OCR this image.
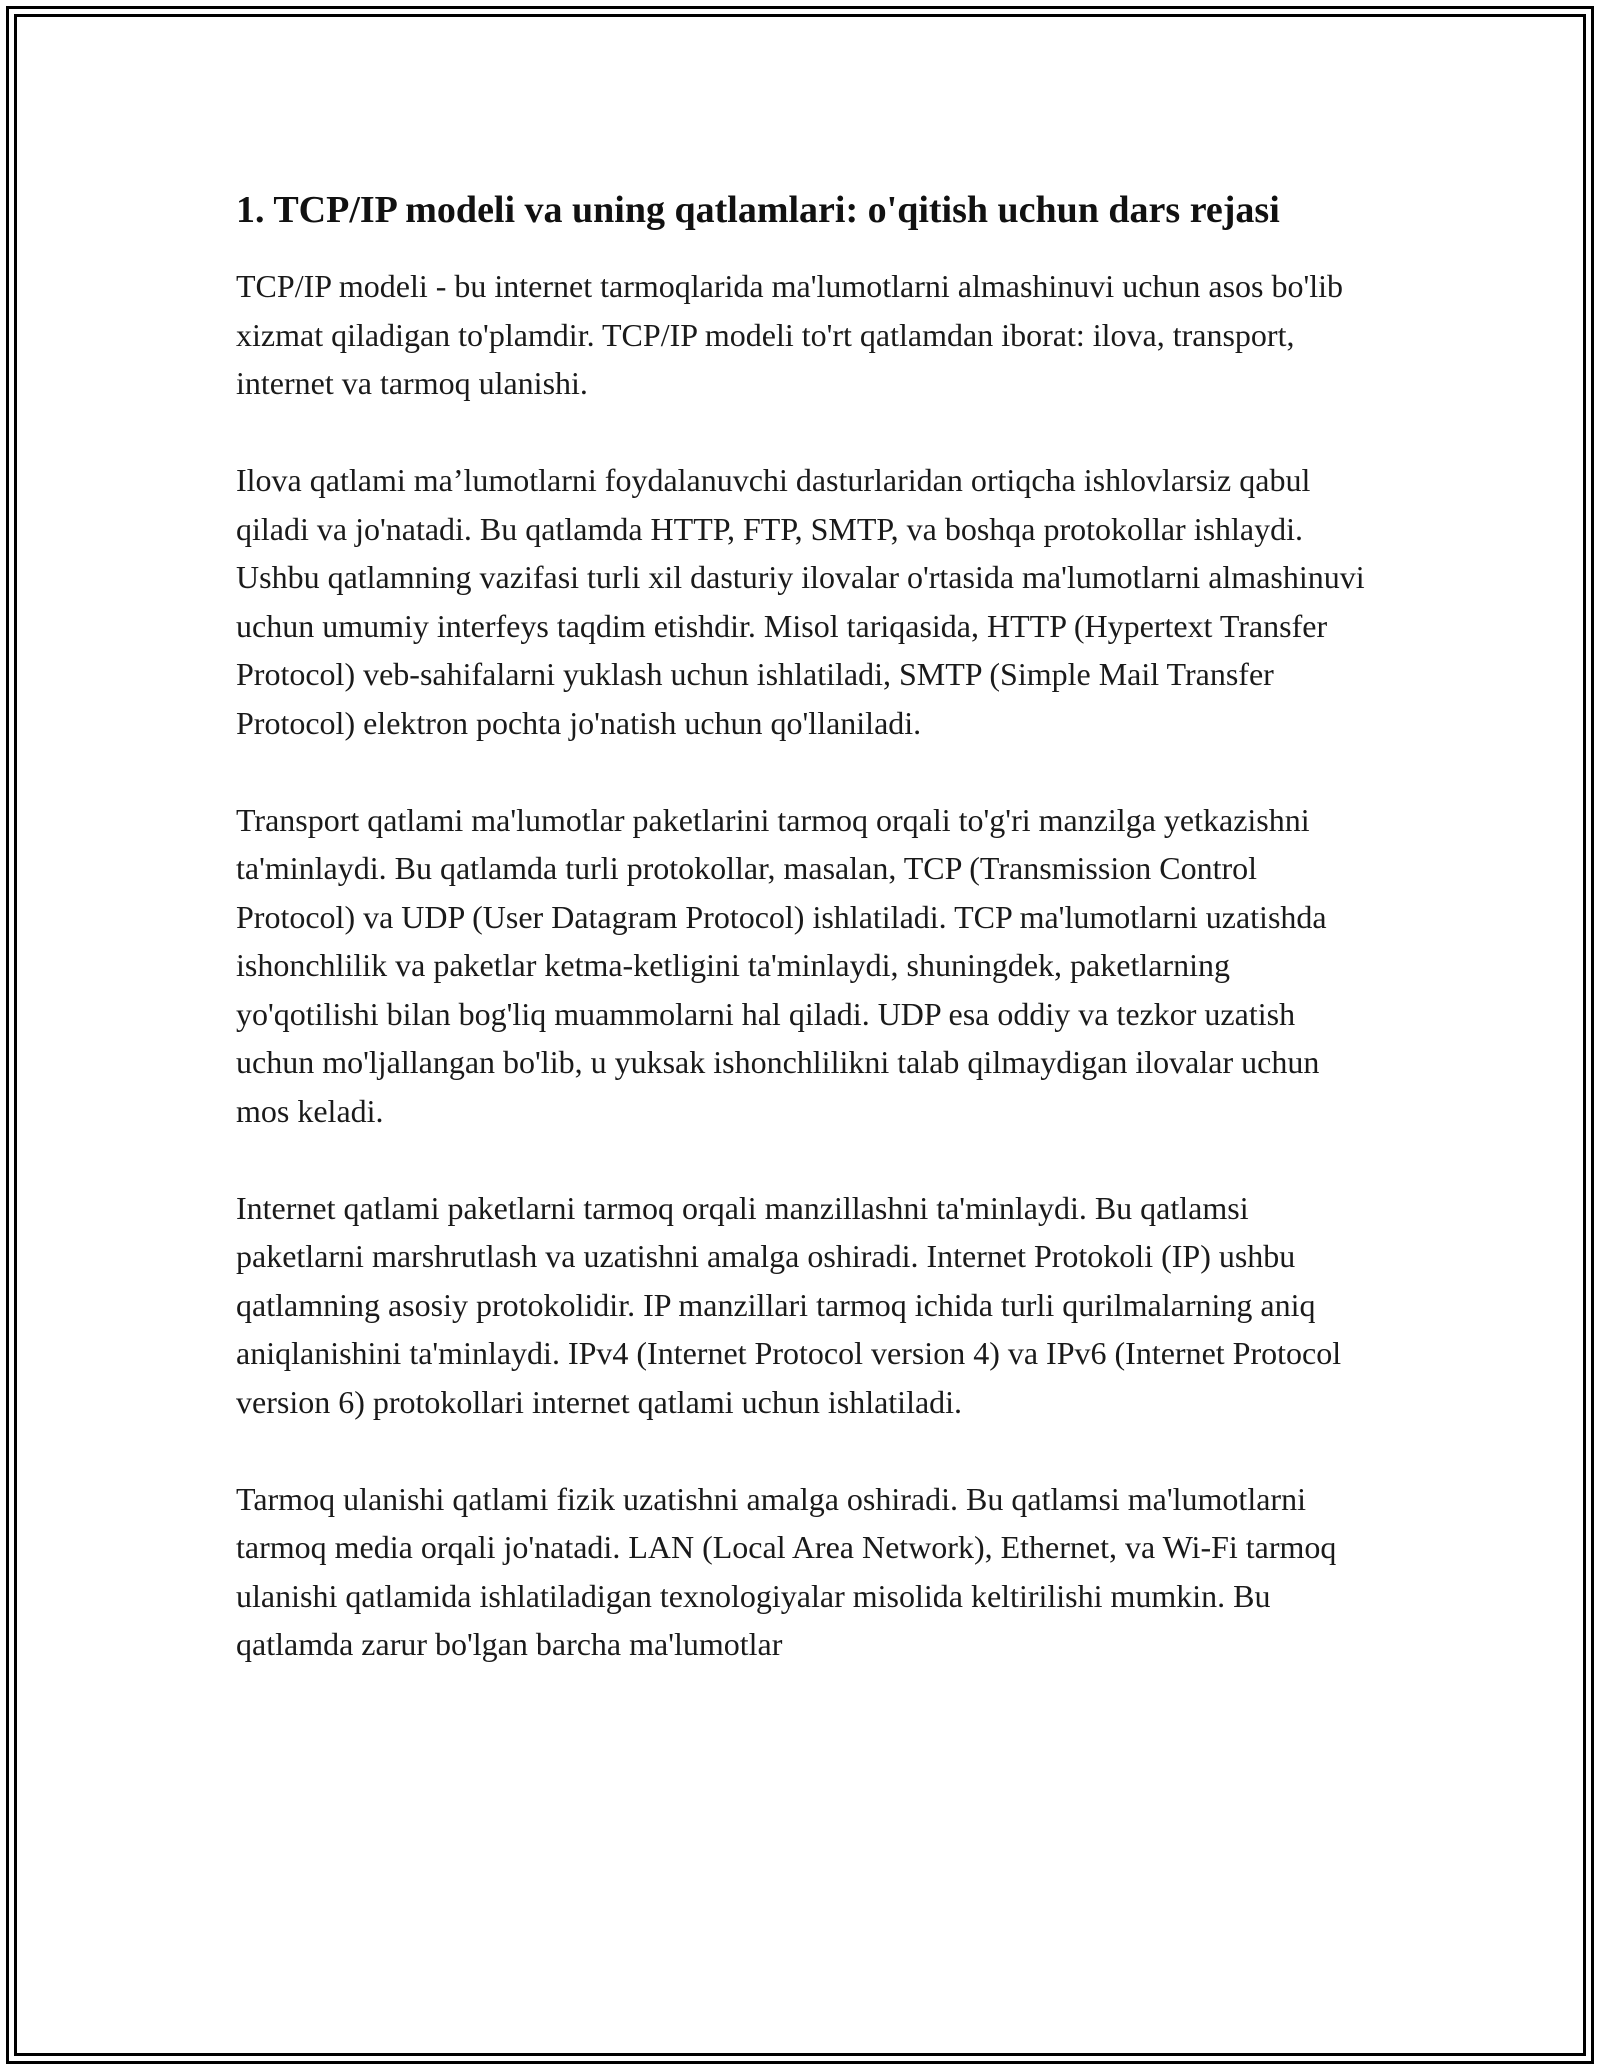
1. TCP/IP modeli va uning qatlamlari: o'qitish uchun dars rejasi

TCP/IP modeli - bu internet tarmoqlarida ma'lumotlarni almashinuvi uchun asos bo'lib xizmat qiladigan to'plamdir. TCP/IP modeli to'rt qatlamdan iborat: ilova, transport, internet va tarmoq ulanishi.

Ilova qatlami ma’lumotlarni foydalanuvchi dasturlaridan ortiqcha ishlovlarsiz qabul qiladi va jo'natadi. Bu qatlamda HTTP, FTP, SMTP, va boshqa protokollar ishlaydi. Ushbu qatlamning vazifasi turli xil dasturiy ilovalar o'rtasida ma'lumotlarni almashinuvi uchun umumiy interfeys taqdim etishdir. Misol tariqasida, HTTP (Hypertext Transfer Protocol) veb-sahifalarni yuklash uchun ishlatiladi, SMTP (Simple Mail Transfer Protocol) elektron pochta jo'natish uchun qo'llaniladi.

Transport qatlami ma'lumotlar paketlarini tarmoq orqali to'g'ri manzilga yetkazishni ta'minlaydi. Bu qatlamda turli protokollar, masalan, TCP (Transmission Control Protocol) va UDP (User Datagram Protocol) ishlatiladi. TCP ma'lumotlarni uzatishda ishonchlilik va paketlar ketma-ketligini ta'minlaydi, shuningdek, paketlarning yo'qotilishi bilan bog'liq muammolarni hal qiladi. UDP esa oddiy va tezkor uzatish uchun mo'ljallangan bo'lib, u yuksak ishonchlilikni talab qilmaydigan ilovalar uchun mos keladi.

Internet qatlami paketlarni tarmoq orqali manzillashni ta'minlaydi. Bu qatlamsi paketlarni marshrutlash va uzatishni amalga oshiradi. Internet Protokoli (IP) ushbu qatlamning asosiy protokolidir. IP manzillari tarmoq ichida turli qurilmalarning aniq aniqlanishini ta'minlaydi. IPv4 (Internet Protocol version 4) va IPv6 (Internet Protocol version 6) protokollari internet qatlami uchun ishlatiladi.

Tarmoq ulanishi qatlami fizik uzatishni amalga oshiradi. Bu qatlamsi ma'lumotlarni tarmoq media orqali jo'natadi. LAN (Local Area Network), Ethernet, va Wi-Fi tarmoq ulanishi qatlamida ishlatiladigan texnologiyalar misolida keltirilishi mumkin. Bu qatlamda zarur bo'lgan barcha ma'lumotlar
